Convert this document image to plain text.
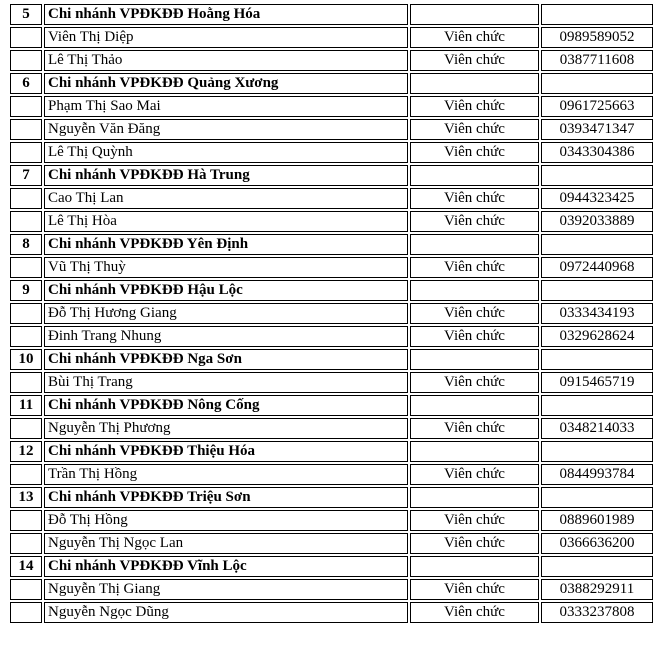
5	Chi nhánh VPĐKĐĐ Hoằng Hóa		
	Viên Thị Diệp	Viên chức	0989589052
	Lê Thị Thảo	Viên chức	0387711608
6	Chi nhánh VPĐKĐĐ Quảng Xương		
	Phạm Thị Sao Mai	Viên chức	0961725663
	Nguyễn Văn Đăng	Viên chức	0393471347
	Lê Thị Quỳnh	Viên chức	0343304386
7	Chi nhánh VPĐKĐĐ Hà Trung		
	Cao Thị Lan	Viên chức	0944323425
	Lê Thị Hòa	Viên chức	0392033889
8	Chi nhánh VPĐKĐĐ Yên Định		
	Vũ Thị Thuỳ	Viên chức	0972440968
9	Chi nhánh VPĐKĐĐ Hậu Lộc		
	Đỗ Thị Hương Giang	Viên chức	0333434193
	Đinh Trang Nhung	Viên chức	0329628624
10	Chi nhánh VPĐKĐĐ Nga Sơn		
	Bùi Thị Trang	Viên chức	0915465719
11	Chi nhánh VPĐKĐĐ Nông Cống		
	Nguyễn Thị Phương	Viên chức	0348214033
12	Chi nhánh VPĐKĐĐ Thiệu Hóa		
	Trần Thị Hồng	Viên chức	0844993784
13	Chi nhánh VPĐKĐĐ Triệu Sơn		
	Đỗ Thị Hồng	Viên chức	0889601989
	Nguyễn Thị Ngọc Lan	Viên chức	0366636200
14	Chi nhánh VPĐKĐĐ Vĩnh Lộc		
	Nguyễn Thị Giang	Viên chức	0388292911
	Nguyễn Ngọc Dũng	Viên chức	0333237808
